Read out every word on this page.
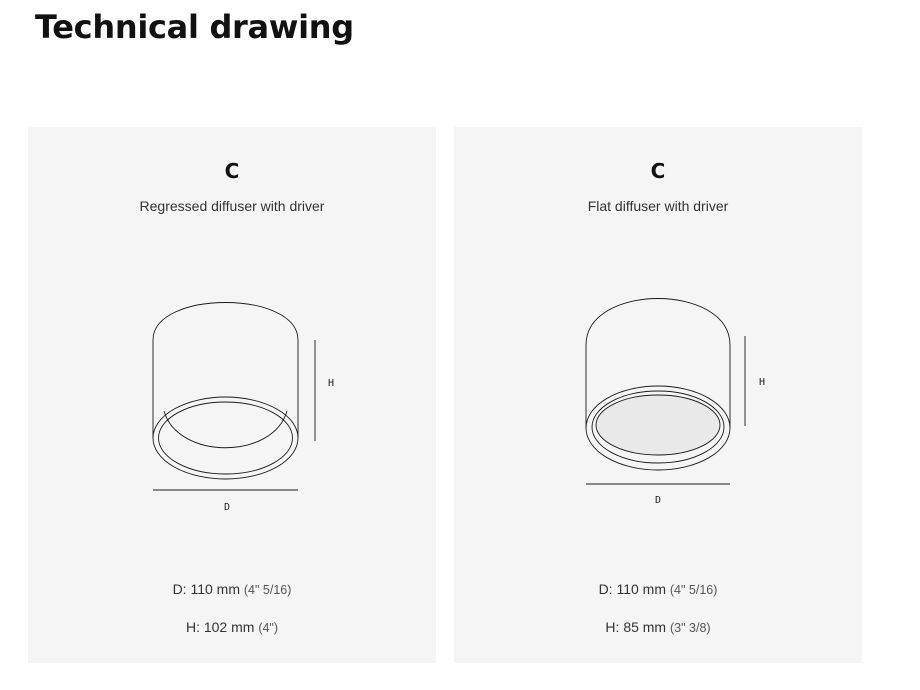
Technical drawing
C
Regressed diffuser with driver
H
D
D: 110 mm (4" 5/16)
H: 102 mm (4")
C
Flat diffuser with driver
H
D
D: 110 mm (4" 5/16)
H: 85 mm (3" 3/8)
